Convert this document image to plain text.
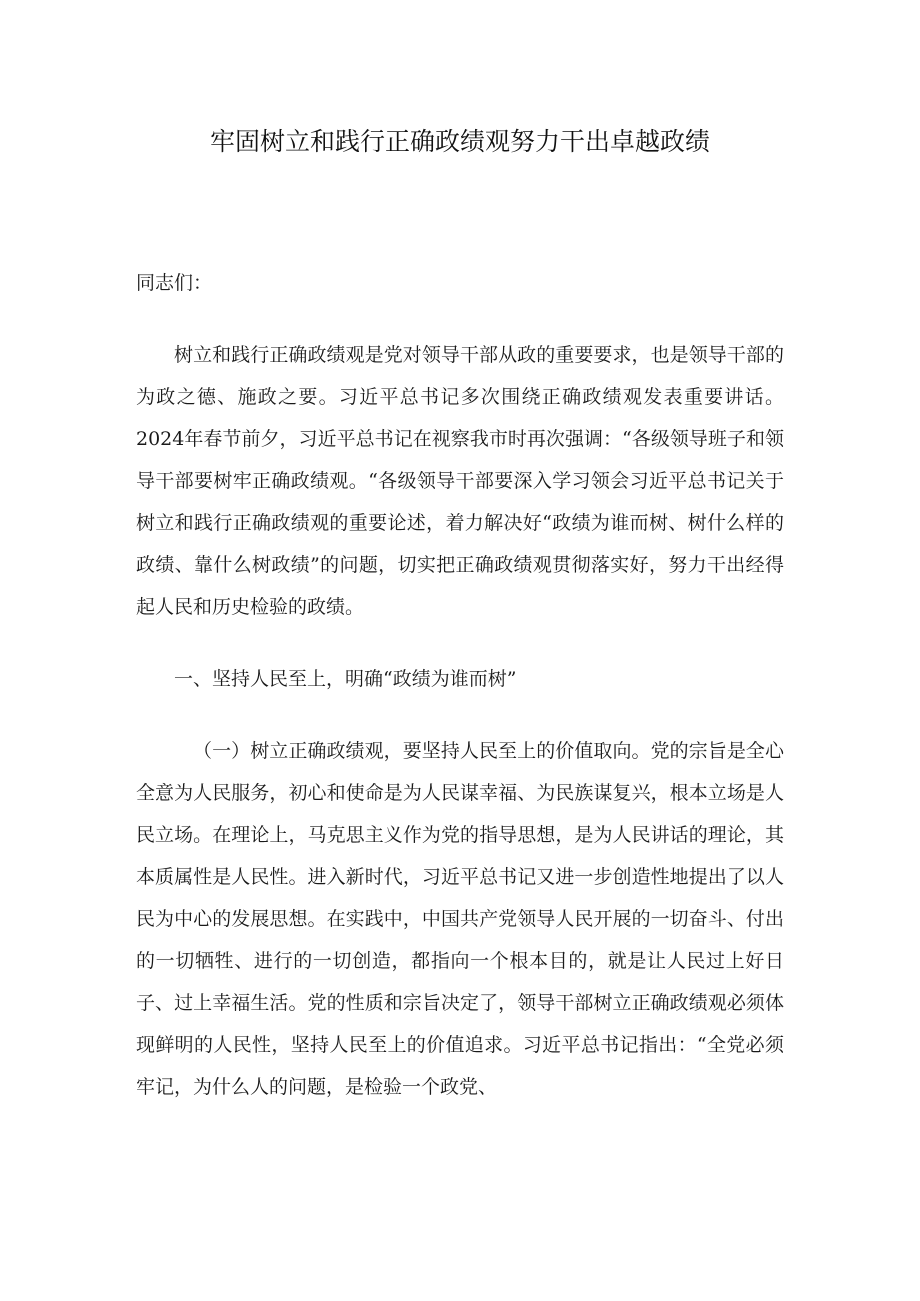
牢固树立和践行正确政绩观努力干出卓越政绩

同志们：

树立和践行正确政绩观是党对领导干部从政的重要要求，也是领导干部的为政之德、施政之要。习近平总书记多次围绕正确政绩观发表重要讲话。2024年春节前夕，习近平总书记在视察我市时再次强调：“各级领导班子和领导干部要树牢正确政绩观。“各级领导干部要深入学习领会习近平总书记关于树立和践行正确政绩观的重要论述，着力解决好“政绩为谁而树、树什么样的政绩、靠什么树政绩”的问题，切实把正确政绩观贯彻落实好，努力干出经得起人民和历史检验的政绩。

一、坚持人民至上，明确“政绩为谁而树”

（一）树立正确政绩观，要坚持人民至上的价值取向。党的宗旨是全心全意为人民服务，初心和使命是为人民谋幸福、为民族谋复兴，根本立场是人民立场。在理论上，马克思主义作为党的指导思想，是为人民讲话的理论，其本质属性是人民性。进入新时代，习近平总书记又进一步创造性地提出了以人民为中心的发展思想。在实践中，中国共产党领导人民开展的一切奋斗、付出的一切牺牲、进行的一切创造，都指向一个根本目的，就是让人民过上好日子、过上幸福生活。党的性质和宗旨决定了，领导干部树立正确政绩观必须体现鲜明的人民性，坚持人民至上的价值追求。习近平总书记指出：“全党必须牢记，为什么人的问题，是检验一个政党、
